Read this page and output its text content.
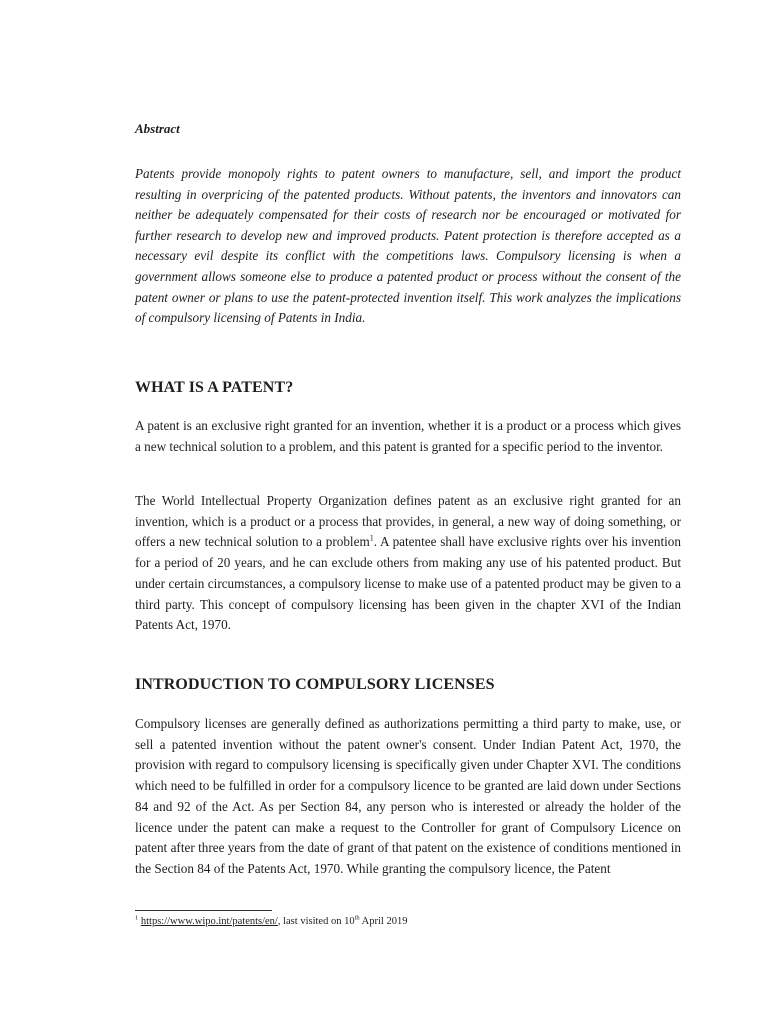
Abstract

Patents provide monopoly rights to patent owners to manufacture, sell, and import the product resulting in overpricing of the patented products. Without patents, the inventors and innovators can neither be adequately compensated for their costs of research nor be encouraged or motivated for further research to develop new and improved products. Patent protection is therefore accepted as a necessary evil despite its conflict with the competitions laws. Compulsory licensing is when a government allows someone else to produce a patented product or process without the consent of the patent owner or plans to use the patent-protected invention itself. This work analyzes the implications of compulsory licensing of Patents in India.

WHAT IS A PATENT?

A patent is an exclusive right granted for an invention, whether it is a product or a process which gives a new technical solution to a problem, and this patent is granted for a specific period to the inventor.

The World Intellectual Property Organization defines patent as an exclusive right granted for an invention, which is a product or a process that provides, in general, a new way of doing something, or offers a new technical solution to a problem$^1$. A patentee shall have exclusive rights over his invention for a period of 20 years, and he can exclude others from making any use of his patented product. But under certain circumstances, a compulsory license to make use of a patented product may be given to a third party. This concept of compulsory licensing has been given in the chapter XVI of the Indian Patents Act, 1970.

INTRODUCTION TO COMPULSORY LICENSES

Compulsory licenses are generally defined as authorizations permitting a third party to make, use, or sell a patented invention without the patent owner's consent. Under Indian Patent Act, 1970, the provision with regard to compulsory licensing is specifically given under Chapter XVI. The conditions which need to be fulfilled in order for a compulsory licence to be granted are laid down under Sections 84 and 92 of the Act. As per Section 84, any person who is interested or already the holder of the licence under the patent can make a request to the Controller for grant of Compulsory Licence on patent after three years from the date of grant of that patent on the existence of conditions mentioned in the Section 84 of the Patents Act, 1970. While granting the compulsory licence, the Patent

$^1$ https://www.wipo.int/patents/en/, last visited on 10th April 2019
